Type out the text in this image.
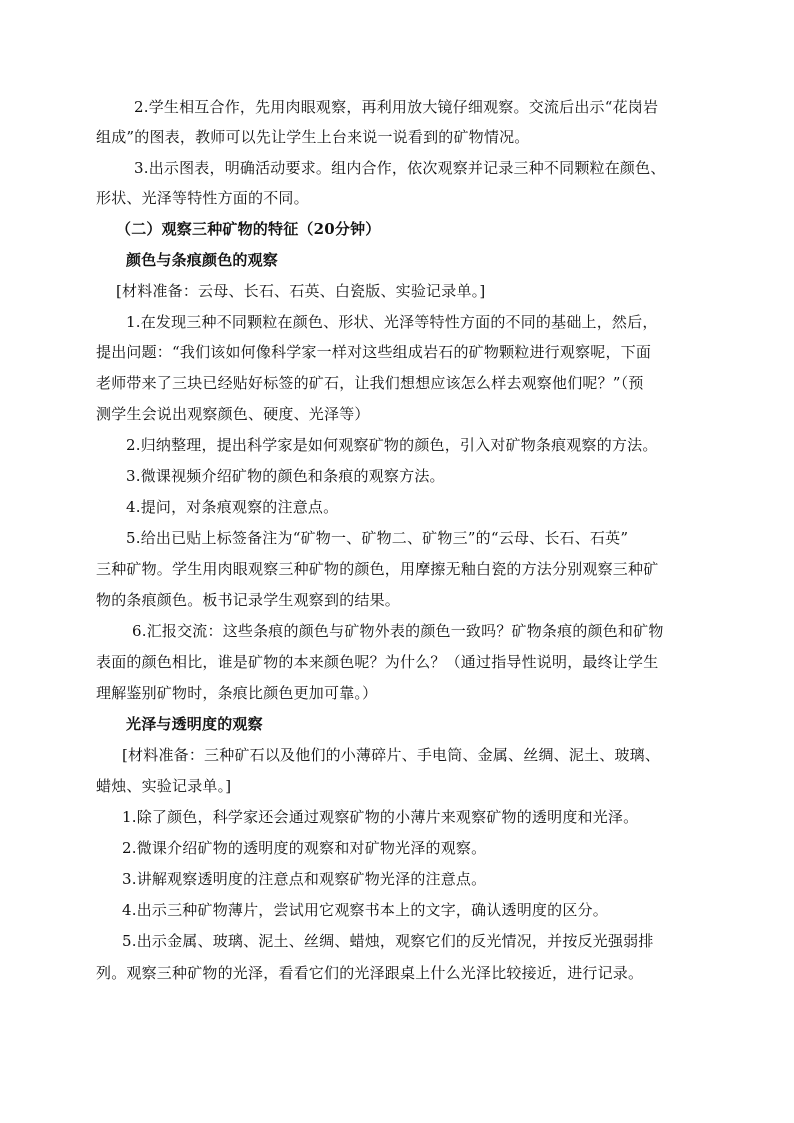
2.学生相互合作，先用肉眼观察，再利用放大镜仔细观察。交流后出示“花岗岩
组成”的图表，教师可以先让学生上台来说一说看到的矿物情况。
3.出示图表，明确活动要求。组内合作，依次观察并记录三种不同颗粒在颜色、
形状、光泽等特性方面的不同。
（二）观察三种矿物的特征（20分钟）
颜色与条痕颜色的观察
[材料准备：云母、长石、石英、白瓷版、实验记录单。]
1.在发现三种不同颗粒在颜色、形状、光泽等特性方面的不同的基础上，然后，
提出问题：“我们该如何像科学家一样对这些组成岩石的矿物颗粒进行观察呢，下面
老师带来了三块已经贴好标签的矿石，让我们想想应该怎么样去观察他们呢？”（预
测学生会说出观察颜色、硬度、光泽等）
2.归纳整理，提出科学家是如何观察矿物的颜色，引入对矿物条痕观察的方法。
3.微课视频介绍矿物的颜色和条痕的观察方法。
4.提问，对条痕观察的注意点。
5.给出已贴上标签备注为“矿物一、矿物二、矿物三”的“云母、长石、石英”
三种矿物。学生用肉眼观察三种矿物的颜色，用摩擦无釉白瓷的方法分别观察三种矿
物的条痕颜色。板书记录学生观察到的结果。
6.汇报交流：这些条痕的颜色与矿物外表的颜色一致吗？矿物条痕的颜色和矿物
表面的颜色相比，谁是矿物的本来颜色呢？为什么？（通过指导性说明，最终让学生
理解鉴别矿物时，条痕比颜色更加可靠。）
光泽与透明度的观察
[材料准备：三种矿石以及他们的小薄碎片、手电筒、金属、丝绸、泥土、玻璃、
蜡烛、实验记录单。]
1.除了颜色，科学家还会通过观察矿物的小薄片来观察矿物的透明度和光泽。
2.微课介绍矿物的透明度的观察和对矿物光泽的观察。
3.讲解观察透明度的注意点和观察矿物光泽的注意点。
4.出示三种矿物薄片，尝试用它观察书本上的文字，确认透明度的区分。
5.出示金属、玻璃、泥土、丝绸、蜡烛，观察它们的反光情况，并按反光强弱排
列。观察三种矿物的光泽，看看它们的光泽跟桌上什么光泽比较接近，进行记录。
